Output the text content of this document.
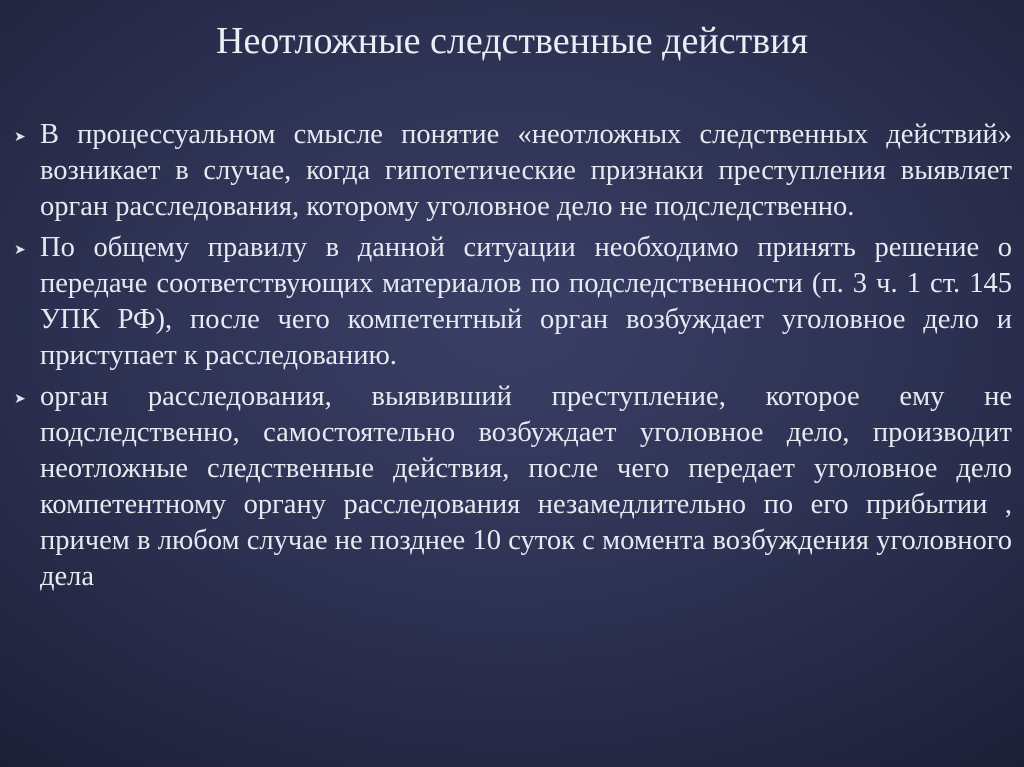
Неотложные следственные действия
➤ В процессуальном смысле понятие «неотложных следственных действий» возникает в случае, когда гипотетические признаки преступления выявляет орган расследования, которому уголовное дело не подследственно.
➤ По общему правилу в данной ситуации необходимо принять решение о передаче соответствующих материалов по подследственности (п. 3 ч. 1 ст. 145 УПК РФ), после чего компетентный орган возбуждает уголовное дело и приступает к расследованию.
➤ орган расследования, выявивший преступление, которое ему не подследственно, самостоятельно возбуждает уголовное дело, производит неотложные следственные действия, после чего передает уголовное дело компетентному органу расследования незамедлительно по его прибытии , причем в любом случае не позднее 10 суток с момента возбуждения уголовного дела
